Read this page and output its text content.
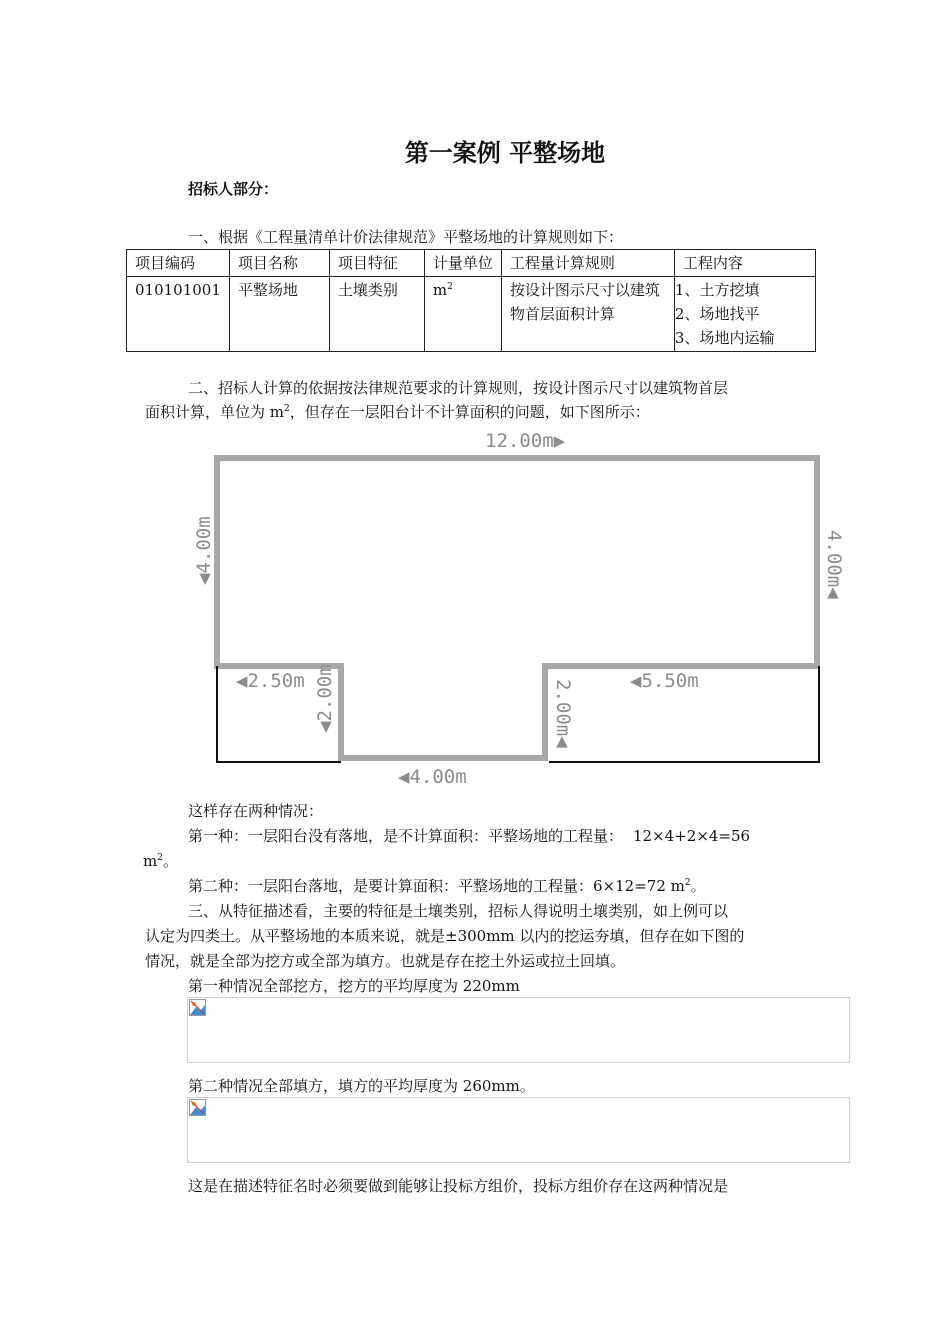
第一案例 平整场地
招标人部分：
一、根据《工程量清单计价法律规范》平整场地的计算规则如下：
项目编码	项目名称	项目特征	计量单位	工程量计算规则	工程内容
010101001	平整场地	土壤类别	$m^2$	按设计图示尺寸以建筑物首层面积计算	1、土方挖填
2、场地找平
3、场地内运输
二、招标人计算的依据按法律规范要求的计算规则，按设计图示尺寸以建筑物首层
面积计算，单位为 $m^2$，但存在一层阳台计不计算面积的问题，如下图所示：
12.00m▶
◀4.00m	4.00m◀
◀2.50m ◀2.00m	2.00m◀	◀5.50m
◀4.00m
这样存在两种情况：
第一种：一层阳台没有落地，是不计算面积：平整场地的工程量： 12×4+2×4=56
$m^2$。
第二种：一层阳台落地，是要计算面积：平整场地的工程量：6×12=72 $m^2$。
三、从特征描述看，主要的特征是土壤类别，招标人得说明土壤类别，如上例可以
认定为四类土。从平整场地的本质来说，就是±300mm 以内的挖运夯填，但存在如下图的
情况，就是全部为挖方或全部为填方。也就是存在挖土外运或拉土回填。
第一种情况全部挖方，挖方的平均厚度为 220mm
第二种情况全部填方，填方的平均厚度为 260mm。
这是在描述特征名时必须要做到能够让投标方组价，投标方组价存在这两种情况是
